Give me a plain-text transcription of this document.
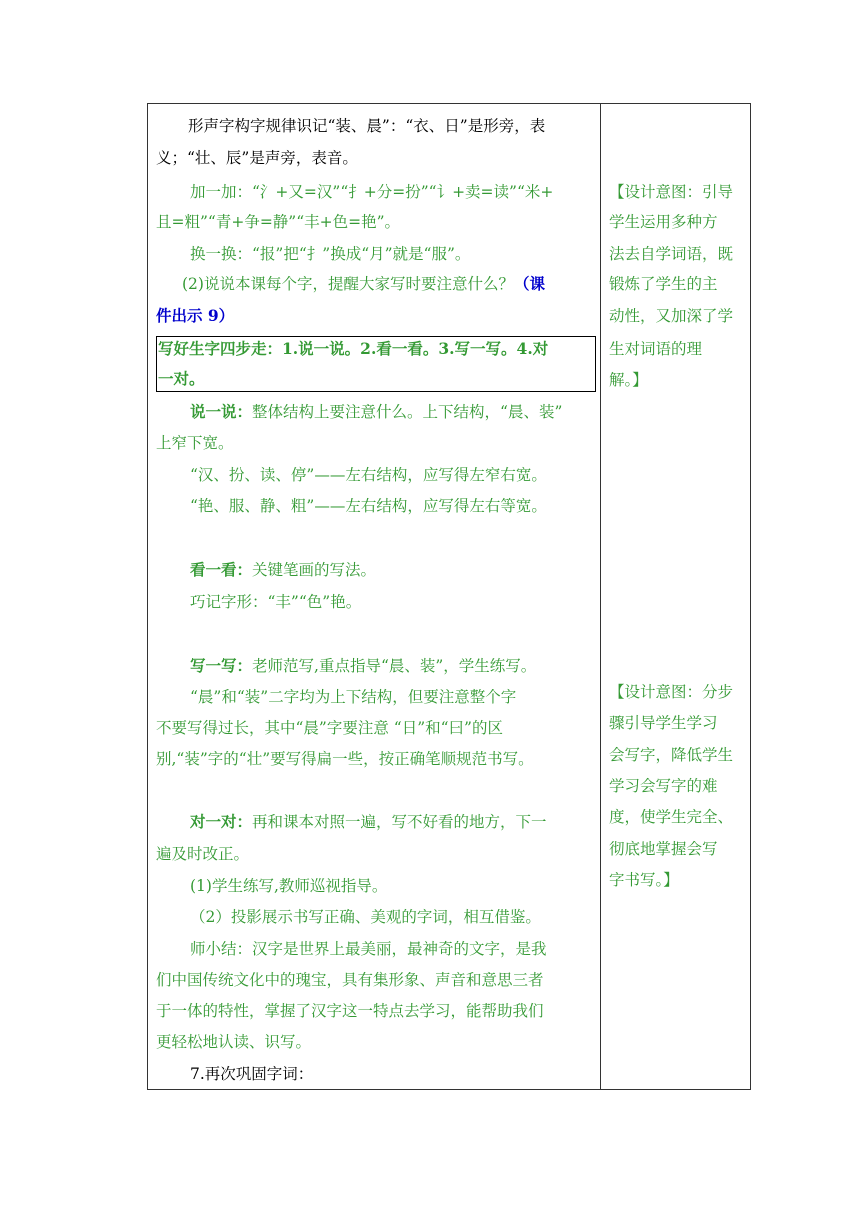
形声字构字规律识记“装、晨”：“衣、日”是形旁，表
义；“壮、辰”是声旁，表音。
加一加：“氵+又=汉”“扌+分=扮”“讠+卖=读”“米+
且=粗”“青+争=静”“丰+色=艳”。
换一换：“报”把“扌”换成“月”就是“服”。
(2)说说本课每个字，提醒大家写时要注意什么？（课
件出示 9）
写好生字四步走：1.说一说。2.看一看。3.写一写。4.对
一对。
说一说：整体结构上要注意什么。上下结构，“晨、装”
上窄下宽。
“汉、扮、读、停”——左右结构，应写得左窄右宽。
“艳、服、静、粗”——左右结构，应写得左右等宽。
看一看：关键笔画的写法。
巧记字形：“丰”“色”艳。
写一写：老师范写,重点指导“晨、装”，学生练写。
“晨”和“装”二字均为上下结构，但要注意整个字
不要写得过长，其中“晨”字要注意 “日”和“曰”的区
别,“装”字的“壮”要写得扁一些，按正确笔顺规范书写。
对一对：再和课本对照一遍，写不好看的地方，下一
遍及时改正。
(1)学生练写,教师巡视指导。
（2）投影展示书写正确、美观的字词，相互借鉴。
师小结：汉字是世界上最美丽，最神奇的文字，是我
们中国传统文化中的瑰宝，具有集形象、声音和意思三者
于一体的特性，掌握了汉字这一特点去学习，能帮助我们
更轻松地认读、识写。
7.再次巩固字词：
【设计意图：引导
学生运用多种方
法去自学词语，既
锻炼了学生的主
动性，又加深了学
生对词语的理
解。】
【设计意图：分步
骤引导学生学习
会写字，降低学生
学习会写字的难
度，使学生完全、
彻底地掌握会写
字书写。】
